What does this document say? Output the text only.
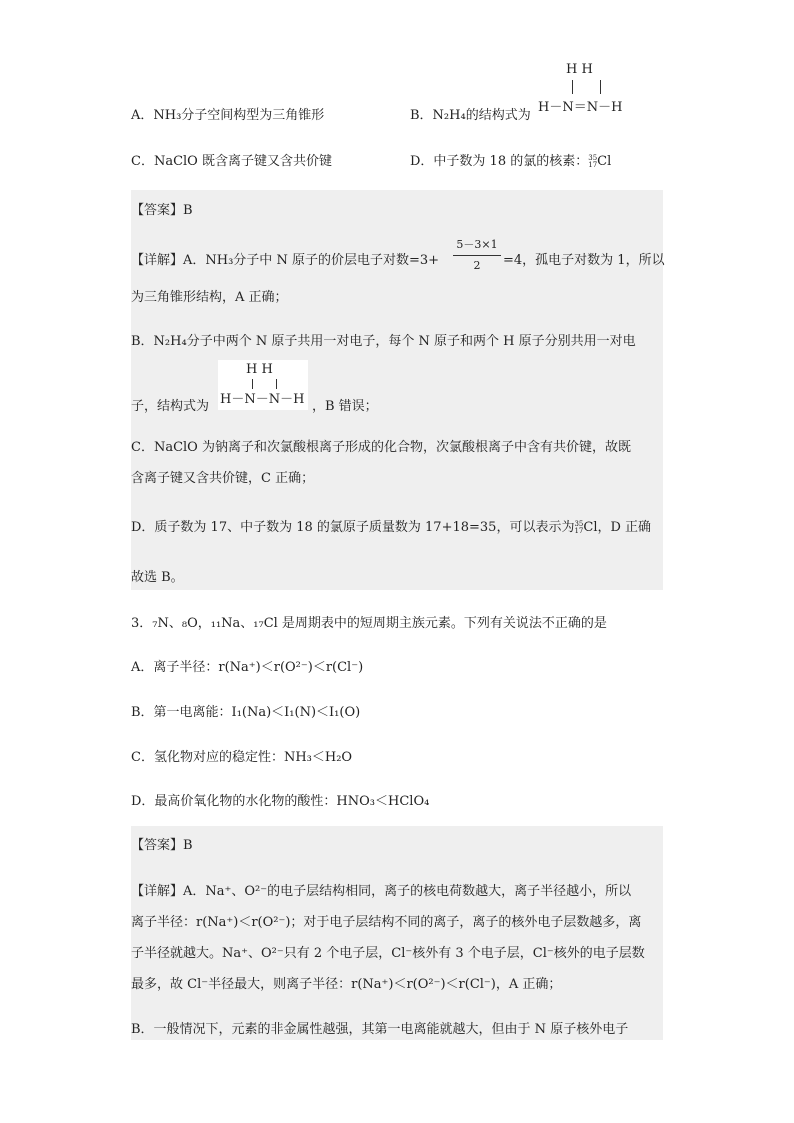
A．NH₃分子空间构型为三角锥形	B．N₂H₄的结构式为
H H
H－N＝N－H
C．NaClO 既含离子键又含共价键	D．中子数为 18 的氯的核素：35
17Cl
【答案】B
【详解】A．NH₃分子中 N 原子的价层电子对数=3+
5－3×1
2	=4，孤电子对数为 1，所以
为三角锥形结构，A 正确；
B．N₂H₄分子中两个 N 原子共用一对电子，每个 N 原子和两个 H 原子分别共用一对电
子，结构式为
H H
H－N－N－H ，B 错误；
C．NaClO 为钠离子和次氯酸根离子形成的化合物，次氯酸根离子中含有共价键，故既
含离子键又含共价键，C 正确；
D．质子数为 17、中子数为 18 的氯原子质量数为 17+18=35，可以表示为35
17Cl，D 正确
故选 B。
3．₇N、₈O，₁₁Na、₁₇Cl 是周期表中的短周期主族元素。下列有关说法不正确的是
A．离子半径：r(Na⁺)＜r(O²⁻)＜r(Cl⁻)
B．第一电离能：I₁(Na)＜I₁(N)＜I₁(O)
C．氢化物对应的稳定性：NH₃＜H₂O
D．最高价氧化物的水化物的酸性：HNO₃＜HClO₄
【答案】B
【详解】A．Na⁺、O²⁻的电子层结构相同，离子的核电荷数越大，离子半径越小，所以
离子半径：r(Na⁺)＜r(O²⁻)；对于电子层结构不同的离子，离子的核外电子层数越多，离
子半径就越大。Na⁺、O²⁻只有 2 个电子层，Cl⁻核外有 3 个电子层，Cl⁻核外的电子层数
最多，故 Cl⁻半径最大，则离子半径：r(Na⁺)＜r(O²⁻)＜r(Cl⁻)，A 正确；
B．一般情况下，元素的非金属性越强，其第一电离能就越大，但由于 N 原子核外电子
